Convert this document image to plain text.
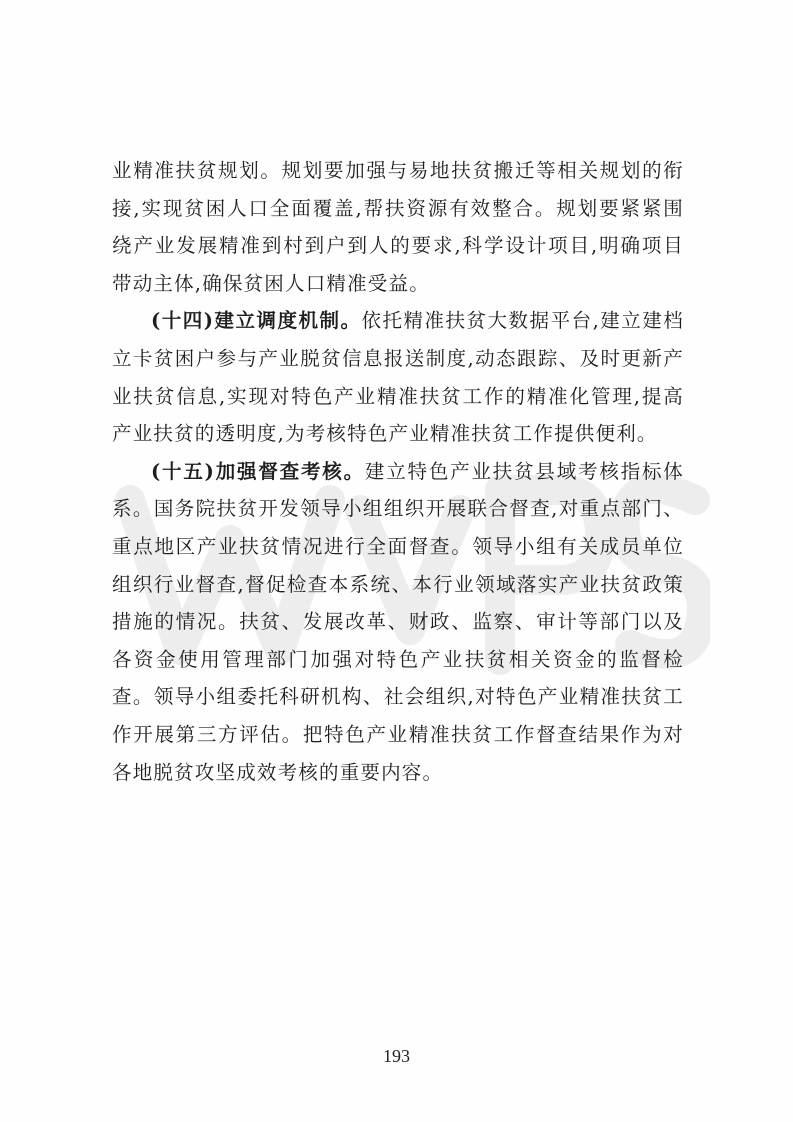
业精准扶贫规划。规划要加强与易地扶贫搬迁等相关规划的衔接,实现贫困人口全面覆盖,帮扶资源有效整合。规划要紧紧围绕产业发展精准到村到户到人的要求,科学设计项目,明确项目带动主体,确保贫困人口精准受益。

(十四)建立调度机制。依托精准扶贫大数据平台,建立建档立卡贫困户参与产业脱贫信息报送制度,动态跟踪、及时更新产业扶贫信息,实现对特色产业精准扶贫工作的精准化管理,提高产业扶贫的透明度,为考核特色产业精准扶贫工作提供便利。

(十五)加强督查考核。建立特色产业扶贫县域考核指标体系。国务院扶贫开发领导小组组织开展联合督查,对重点部门、重点地区产业扶贫情况进行全面督查。领导小组有关成员单位组织行业督查,督促检查本系统、本行业领域落实产业扶贫政策措施的情况。扶贫、发展改革、财政、监察、审计等部门以及各资金使用管理部门加强对特色产业扶贫相关资金的监督检查。领导小组委托科研机构、社会组织,对特色产业精准扶贫工作开展第三方评估。把特色产业精准扶贫工作督查结果作为对各地脱贫攻坚成效考核的重要内容。

193
